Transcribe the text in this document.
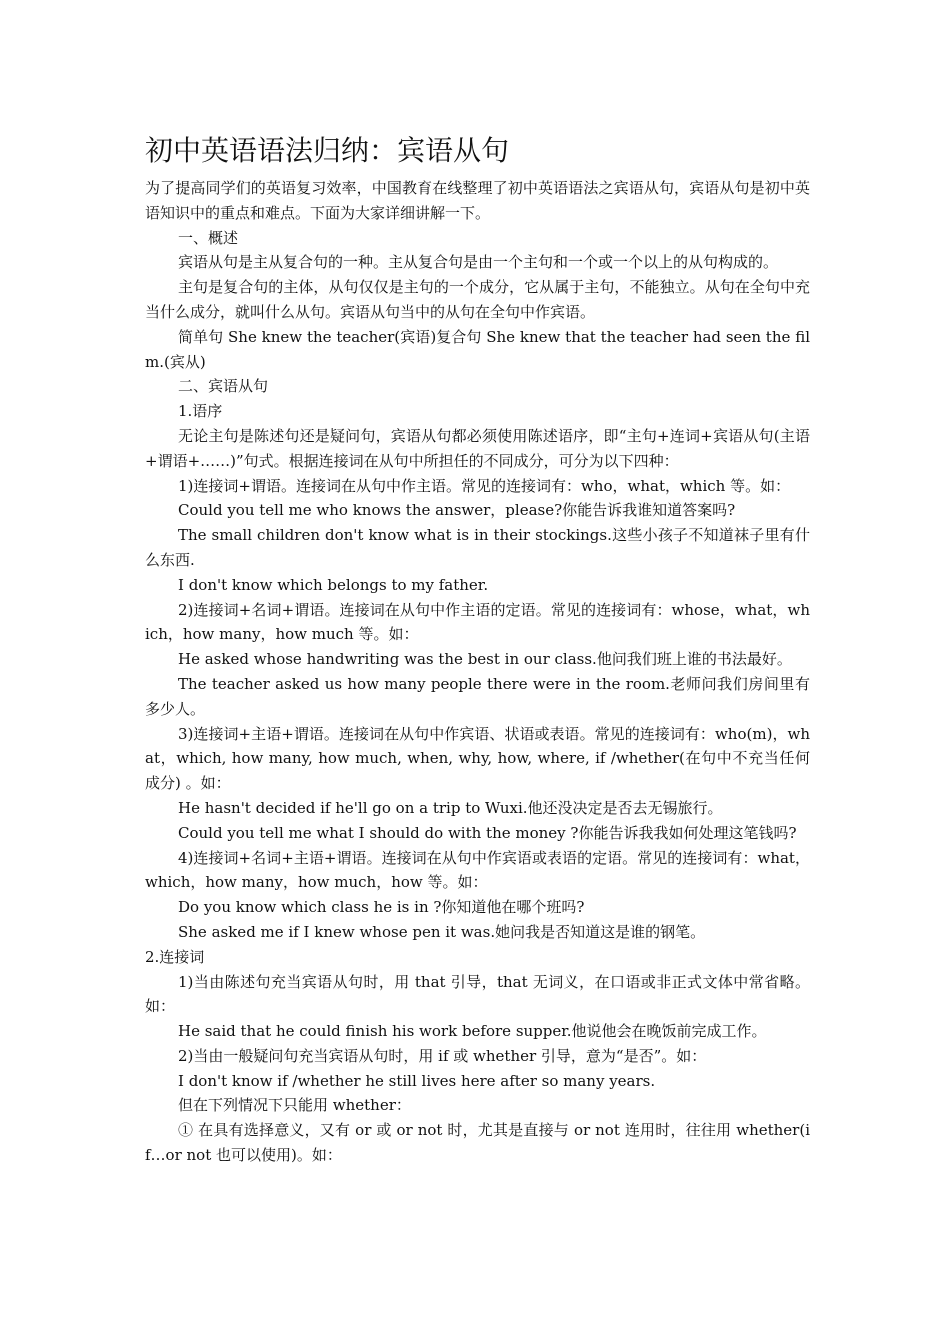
初中英语语法归纳：宾语从句

为了提高同学们的英语复习效率，中国教育在线整理了初中英语语法之宾语从句，宾语从句是初中英语知识中的重点和难点。下面为大家详细讲解一下。

一、概述

宾语从句是主从复合句的一种。主从复合句是由一个主句和一个或一个以上的从句构成的。

主句是复合句的主体，从句仅仅是主句的一个成分，它从属于主句，不能独立。从句在全句中充当什么成分，就叫什么从句。宾语从句当中的从句在全句中作宾语。

简单句 She knew the teacher(宾语)复合句 She knew that the teacher had seen the film.(宾从)

二、宾语从句

1.语序

无论主句是陈述句还是疑问句，宾语从句都必须使用陈述语序，即“主句+连词+宾语从句(主语+谓语+……)”句式。根据连接词在从句中所担任的不同成分，可分为以下四种：

1)连接词+谓语。连接词在从句中作主语。常见的连接词有：who，what，which 等。如：

Could you tell me who knows the answer，please?你能告诉我谁知道答案吗?

The small children don't know what is in their stockings.这些小孩子不知道袜子里有什么东西.

I don't know which belongs to my father.

2)连接词+名词+谓语。连接词在从句中作主语的定语。常见的连接词有：whose，what，which，how many，how much 等。如：

He asked whose handwriting was the best in our class.他问我们班上谁的书法最好。

The teacher asked us how many people there were in the room.老师问我们房间里有多少人。

3)连接词+主语+谓语。连接词在从句中作宾语、状语或表语。常见的连接词有：who(m)，what，which, how many, how much, when, why, how, where, if /whether(在句中不充当任何成分) 。如：

He hasn't decided if he'll go on a trip to Wuxi.他还没决定是否去无锡旅行。

Could you tell me what I should do with the money ?你能告诉我我如何处理这笔钱吗?

4)连接词+名词+主语+谓语。连接词在从句中作宾语或表语的定语。常见的连接词有：what，which，how many，how much，how 等。如：

Do you know which class he is in ?你知道他在哪个班吗?

She asked me if I knew whose pen it was.她问我是否知道这是谁的钢笔。

2.连接词

1)当由陈述句充当宾语从句时，用 that 引导，that 无词义，在口语或非正式文体中常省略。如：

He said that he could finish his work before supper.他说他会在晚饭前完成工作。

2)当由一般疑问句充当宾语从句时，用 if 或 whether 引导，意为“是否”。如：

I don't know if /whether he still lives here after so many years.

但在下列情况下只能用 whether：

① 在具有选择意义，又有 or 或 or not 时，尤其是直接与 or not 连用时，往往用 whether(if…or not 也可以使用)。如：
